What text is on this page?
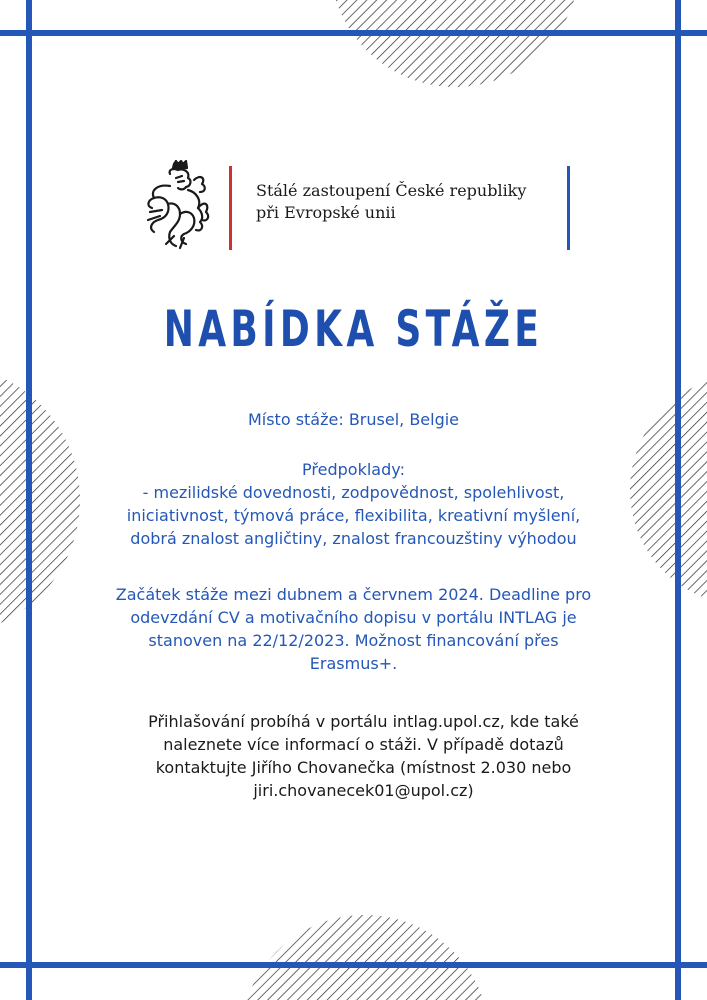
Stálé zastoupení České republiky
při Evropské unii
NABÍDKA STÁŽE
Místo stáže: Brusel, Belgie
Předpoklady:
- mezilidské dovednosti, zodpovědnost, spolehlivost,
iniciativnost, týmová práce, flexibilita, kreativní myšlení,
dobrá znalost angličtiny, znalost francouzštiny výhodou
Začátek stáže mezi dubnem a červnem 2024. Deadline pro
odevzdání CV a motivačního dopisu v portálu INTLAG je
stanoven na 22/12/2023. Možnost financování přes
Erasmus+.
Přihlašování probíhá v portálu intlag.upol.cz, kde také
naleznete více informací o stáži. V případě dotazů
kontaktujte Jiřího Chovanečka (místnost 2.030 nebo
jiri.chovanecek01@upol.cz)
